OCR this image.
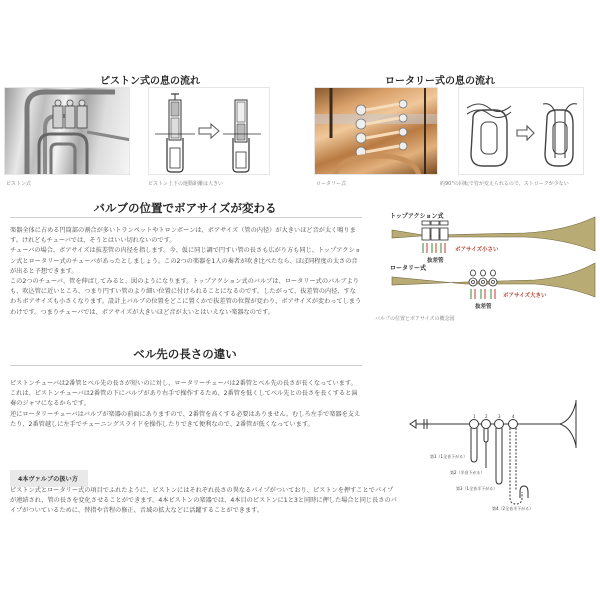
ピストン式の息の流れ
ピストン式	ピストン上下の運動距離は大きい
ロータリー式の息の流れ
ロータリー式	約90°の回転で管が変えられるので、ストロークが少ない
バルブの位置でボアサイズが変わる

楽器全体に占める円筒部の割合が多いトランペットやトロンボーンは、ボアサイズ（管の内径）が大きいほど音が太く鳴ります。けれどもチューバでは、そうとはいい切れないのです。

チューバの場合、ボアサイズは抜差管の内径を指します。今、仮に同じ調で円すい管の長さも広がり方も同じ、トップアクション式とロータリー式のチューバがあったとしましょう。この2つの楽器を1人の奏者が吹き比べたなら、ほぼ同程度の太さの音が出ると予想できます。

この2つのチューバ、管を伸ばしてみると、図のようになります。トップアクション式のバルブは、ロータリー式のバルブよりも、吹込管に近いところ、つまり円すい管のより細い位置に付けられることになるのです。したがって、抜差管の内径、すなわちボアサイズも小さくなります。設計上バルブの位置をどこに置くかで抜差管の位置が変わり、ボアサイズが変わってしまうわけです。つまりチューバでは、ボアサイズが大きいほど音が太いとはいえない楽器なのです。

トップアクション式
ボアサイズ小さい
抜差管
ロータリー式
ボアサイズ大きい
抜差管
バルブの位置とボアサイズの概念図
ベル先の長さの違い

ピストンチューバは2番管とベル先の長さが短いのに対し、ロータリーチューバは2番管とベル先の長さが長くなっています。

これは、ピストンチューバは2番管の下にバルブがあり右手で操作するため、2番管を低くしてベル先との長さを長くすると演奏のジャマになるからです。

逆にロータリーチューバはバルブが楽器の前面にありますので、2番管を高くする必要はありません。むしろ左手で楽器を支えたり、2番管越しに左手でチューニングスライドを操作したりできて便利なので、2番管が低くなっています。

1 2	3	4
第1（1全音下がる）
第2（半音下がる）
第3（1全音半下がる）
第4（2全音半下がる）
4本ヴァルブの扱い方
ピストン式とロータリー式の項目でふれたように、ピストンにはそれぞれ長さの異なるパイプがついており、ピストンを押すことでパイプが連結され、管の長さを変化させることができます。4本ピストンの楽器では、4本目のピストンに1と3と同時に押した場合と同じ長さのパイプがついているために、替指や音程の修正、音域の拡大などに活躍することができます。
